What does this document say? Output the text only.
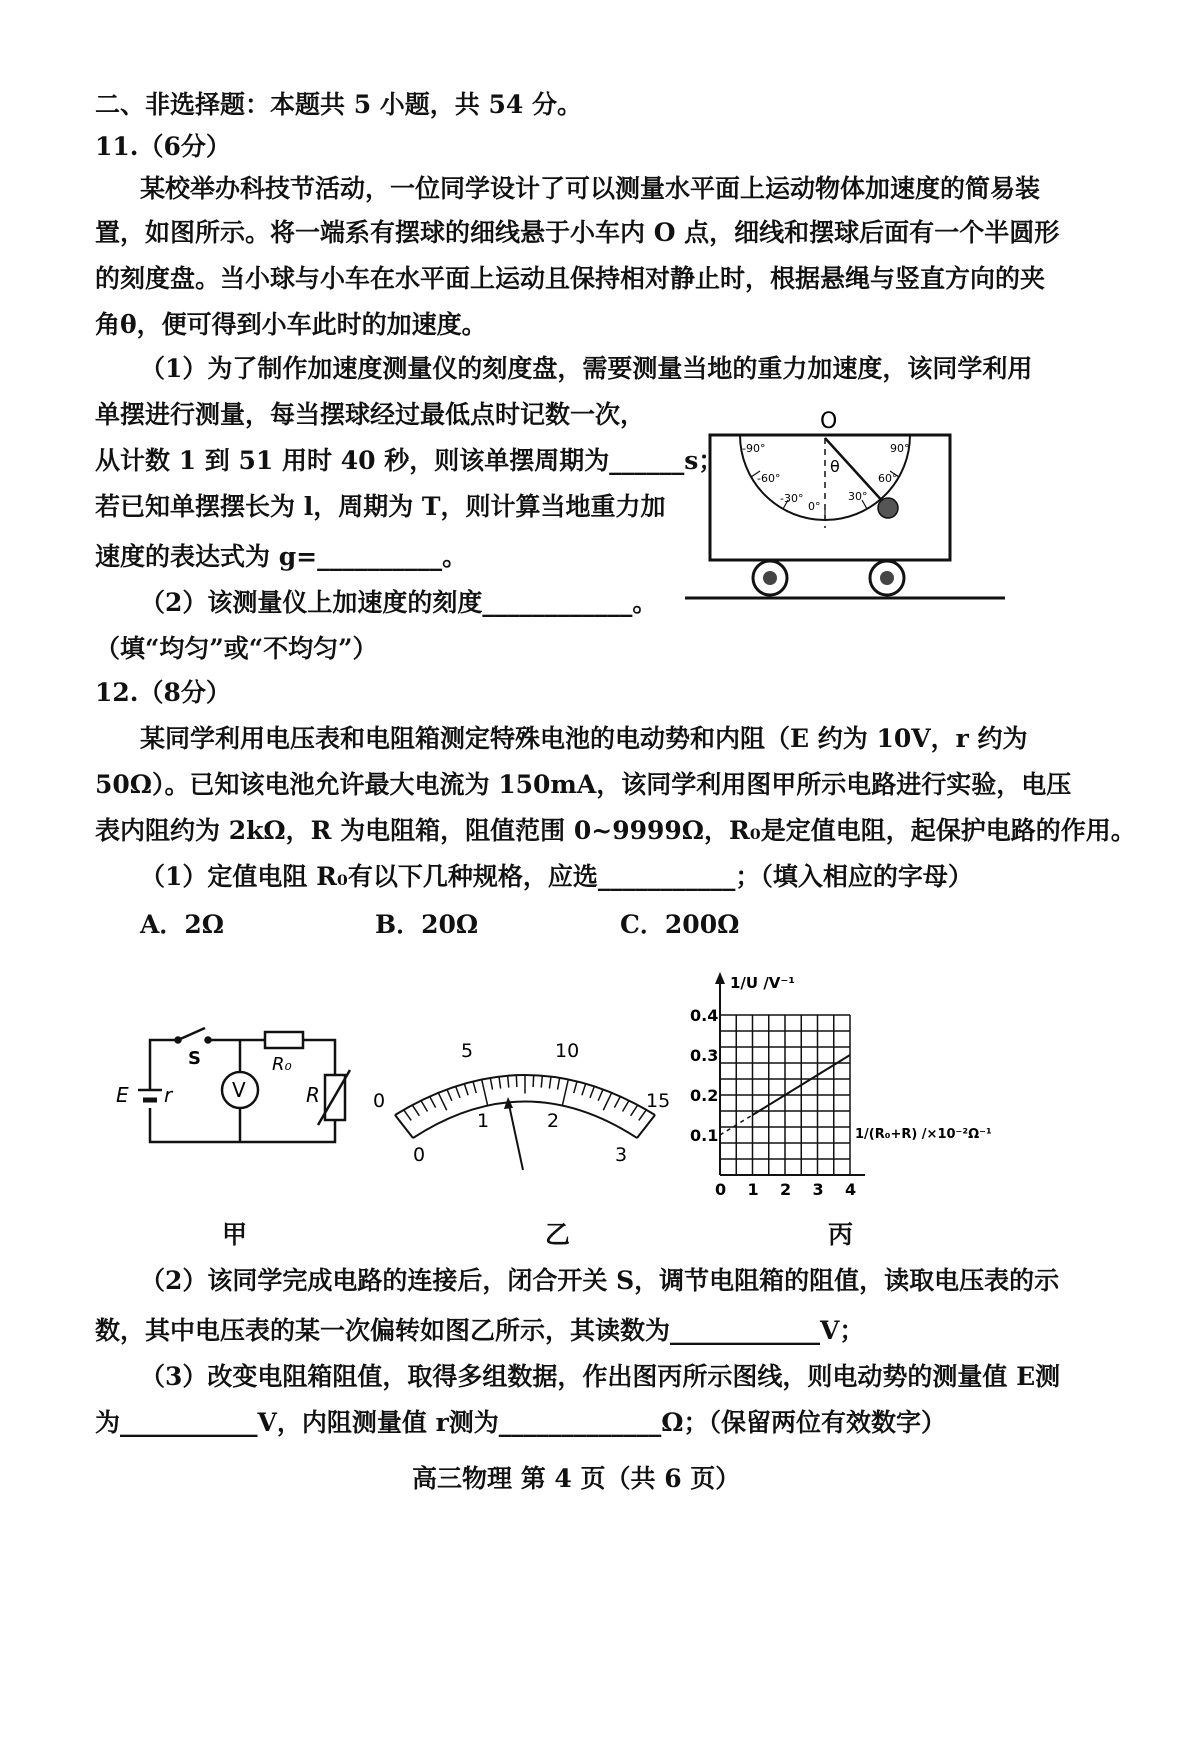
二、非选择题：本题共 5 小题，共 54 分。
11.（6分）
某校举办科技节活动，一位同学设计了可以测量水平面上运动物体加速度的简易装
置，如图所示。将一端系有摆球的细线悬于小车内 O 点，细线和摆球后面有一个半圆形
的刻度盘。当小球与小车在水平面上运动且保持相对静止时，根据悬绳与竖直方向的夹
角θ，便可得到小车此时的加速度。
（1）为了制作加速度测量仪的刻度盘，需要测量当地的重力加速度，该同学利用
单摆进行测量，每当摆球经过最低点时记数一次，
从计数 1 到 51 用时 40 秒，则该单摆周期为______s；
若已知单摆摆长为 l，周期为 T，则计算当地重力加
速度的表达式为 g=__________。
（2）该测量仪上加速度的刻度____________。
（填“均匀”或“不均匀”）
12.（8分）
某同学利用电压表和电阻箱测定特殊电池的电动势和内阻（E 约为 10V，r 约为
50Ω）。已知该电池允许最大电流为 150mA，该同学利用图甲所示电路进行实验，电压
表内阻约为 2kΩ，R 为电阻箱，阻值范围 0~9999Ω，R₀是定值电阻，起保护电路的作用。
（1）定值电阻 R₀有以下几种规格，应选___________；（填入相应的字母）
A．2Ω	B．20Ω	C．200Ω
O
θ
-90°
-60°
-30°
0°
30°
60°
90°
S	R₀
V	R
E r	0
5	10
15
0
1	2
3
1/U /V⁻¹
1/(R₀+R) /×10⁻²Ω⁻¹
0 1 2 3 4
0.1
0.2
0.3
0.4
甲	乙	丙
（2）该同学完成电路的连接后，闭合开关 S，调节电阻箱的阻值，读取电压表的示
数，其中电压表的某一次偏转如图乙所示，其读数为____________V；
（3）改变电阻箱阻值，取得多组数据，作出图丙所示图线，则电动势的测量值 E测
为___________V，内阻测量值 r测为_____________Ω；（保留两位有效数字）
高三物理 第 4 页（共 6 页）
